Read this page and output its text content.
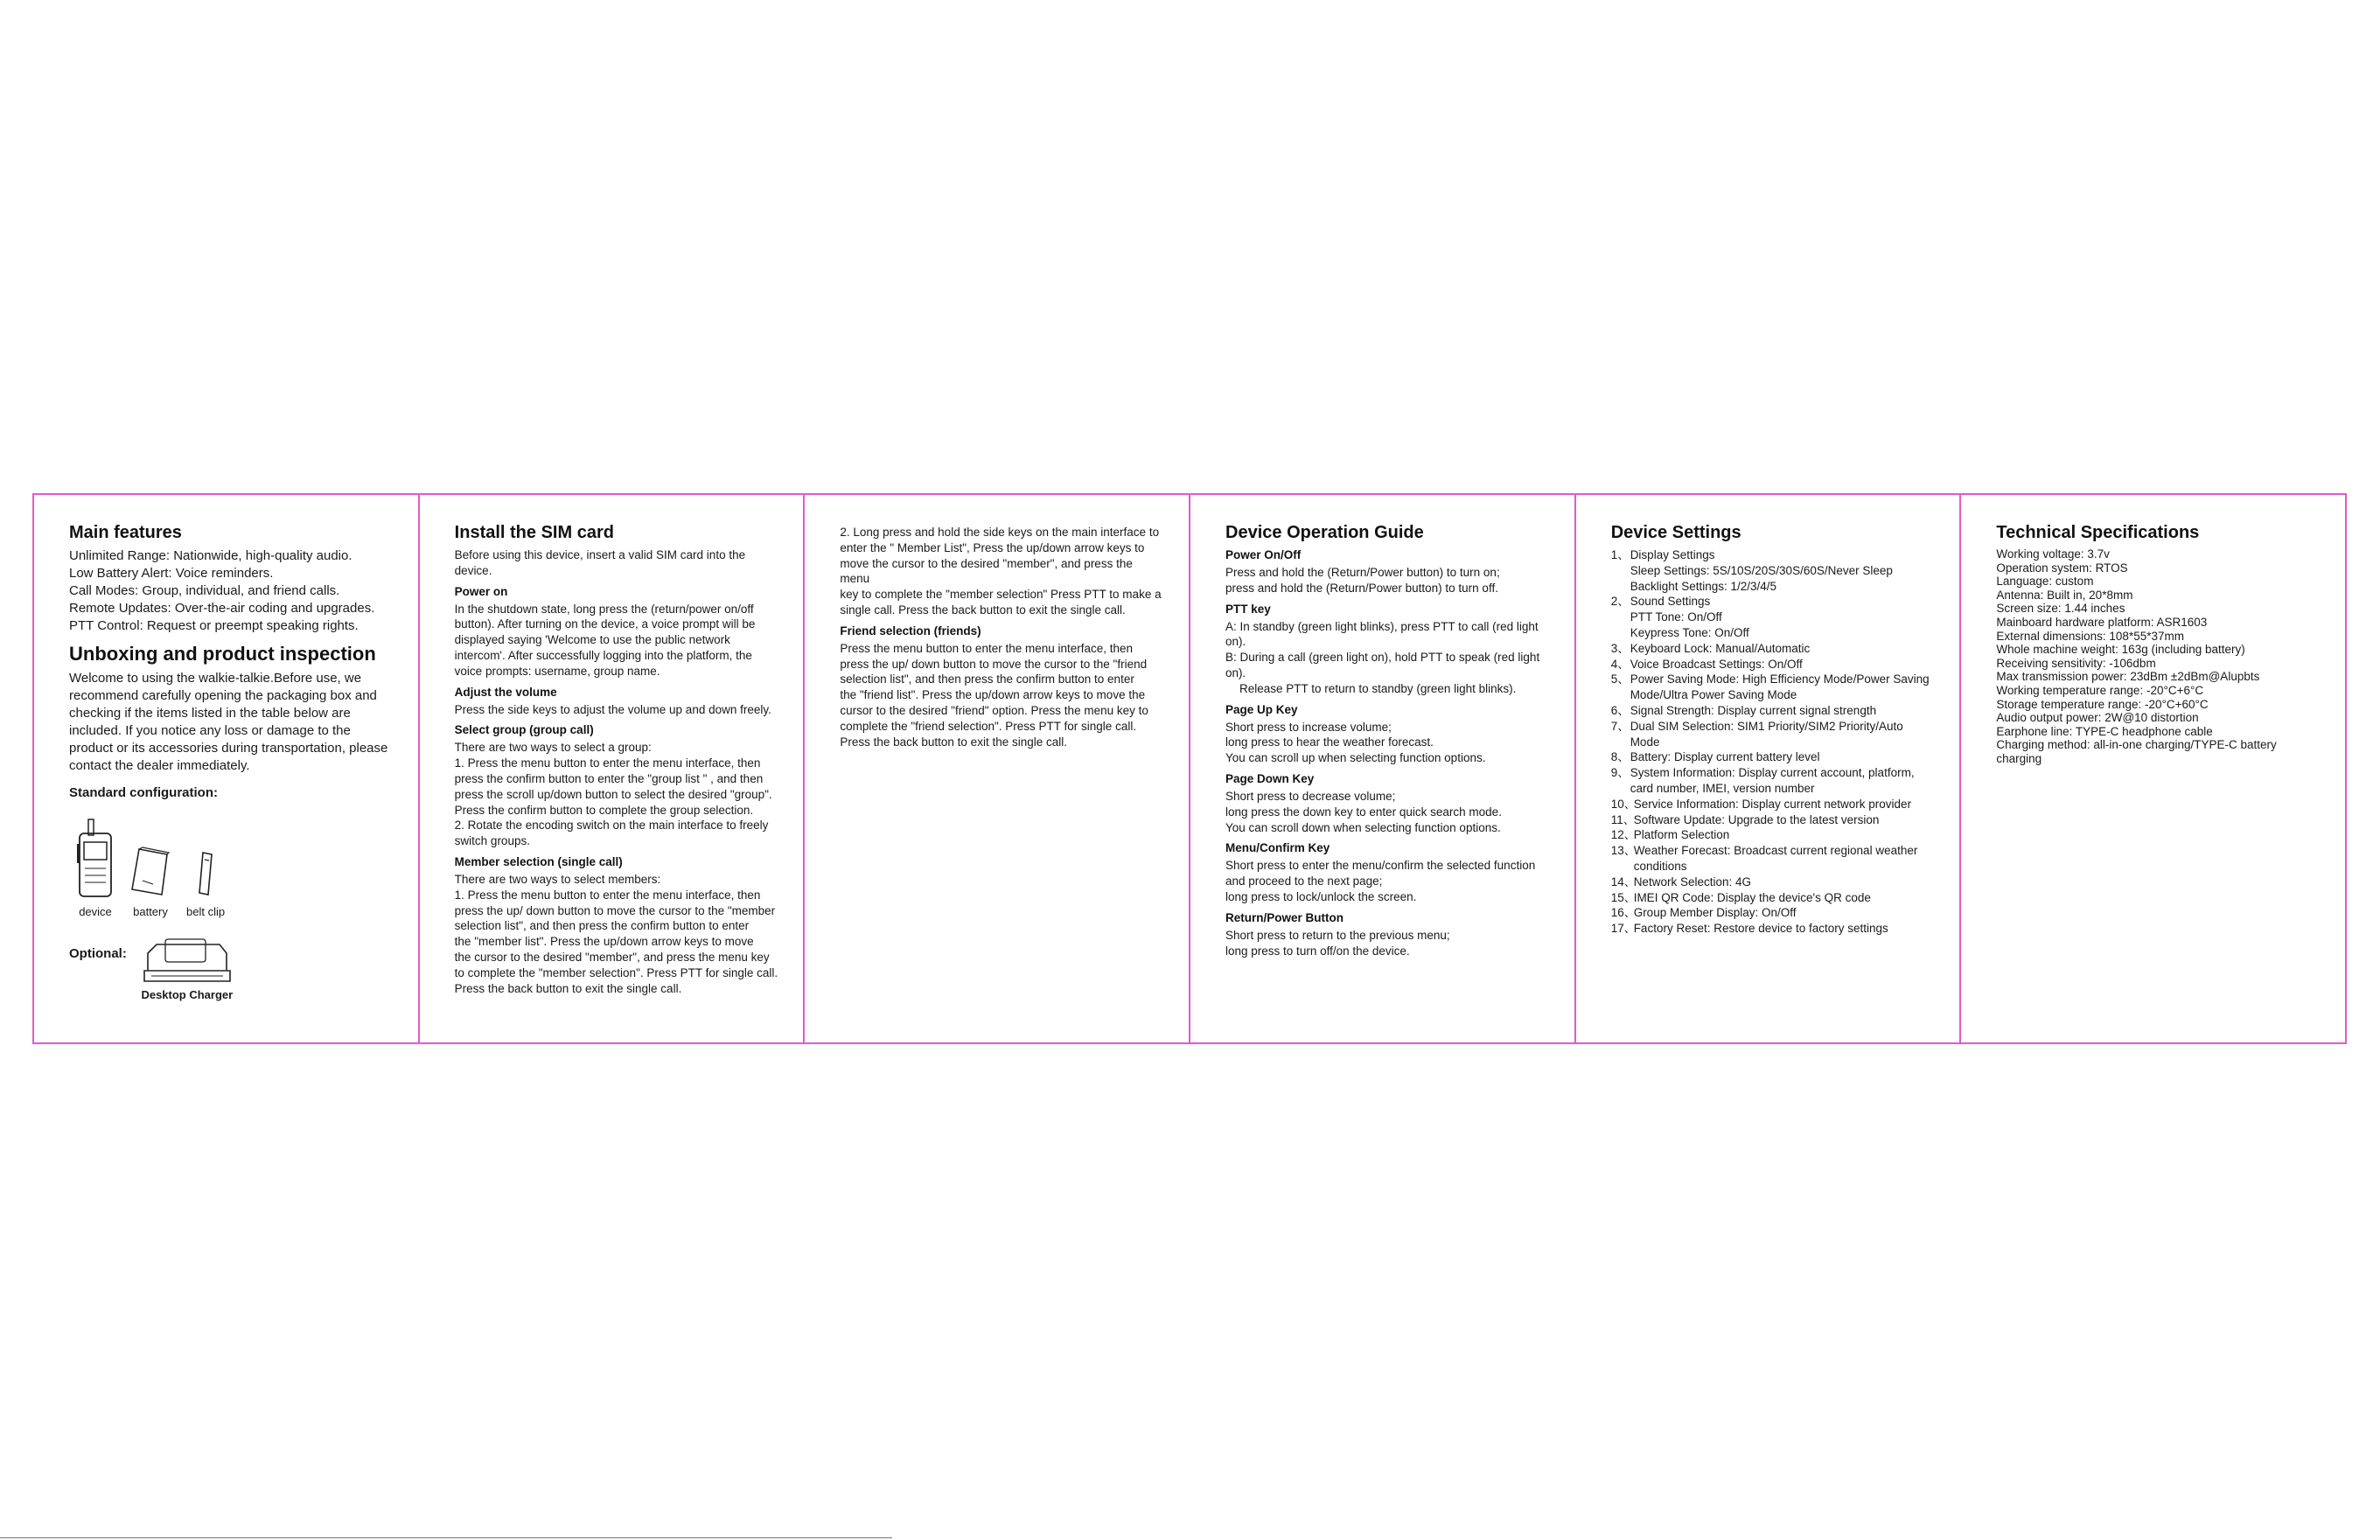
Main features

Unlimited Range: Nationwide, high-quality audio.

Low Battery Alert: Voice reminders.

Call Modes: Group, individual, and friend calls.

Remote Updates: Over-the-air coding and upgrades.

PTT Control: Request or preempt speaking rights.

Unboxing and product inspection

Welcome to using the walkie-talkie.Before use, we

recommend carefully opening the packaging box and

checking if the items listed in the table below are

included. If you notice any loss or damage to the

product or its accessories during transportation, please

contact the dealer immediately.

Standard configuration:
device battery belt clip
Optional:
Desktop Charger
Install the SIM card

Before using this device, insert a valid SIM card into the

device.

Power on

In the shutdown state, long press the (return/power on/off

button). After turning on the device, a voice prompt will be

displayed saying 'Welcome to use the public network

intercom'. After successfully logging into the platform, the

voice prompts: username, group name.

Adjust the volume

Press the side keys to adjust the volume up and down freely.

Select group (group call)

There are two ways to select a group:

1. Press the menu button to enter the menu interface, then

press the confirm button to enter the "group list " , and then

press the scroll up/down button to select the desired "group".

Press the confirm button to complete the group selection.

2. Rotate the encoding switch on the main interface to freely

switch groups.

Member selection (single call)

There are two ways to select members:

1. Press the menu button to enter the menu interface, then

press the up/ down button to move the cursor to the "member

selection list", and then press the confirm button to enter

the "member list". Press the up/down arrow keys to move

the cursor to the desired "member", and press the menu key

to complete the "member selection". Press PTT for single call.

Press the back button to exit the single call.

2. Long press and hold the side keys on the main interface to

enter the " Member List", Press the up/down arrow keys to

move the cursor to the desired "member", and press the menu

key to complete the "member selection" Press PTT to make a

single call. Press the back button to exit the single call.

Friend selection (friends)

Press the menu button to enter the menu interface, then

press the up/ down button to move the cursor to the "friend

selection list", and then press the confirm button to enter

the "friend list". Press the up/down arrow keys to move the

cursor to the desired "friend" option. Press the menu key to

complete the "friend selection". Press PTT for single call.

Press the back button to exit the single call.

Device Operation Guide
Power On/Off

Press and hold the (Return/Power button) to turn on;

press and hold the (Return/Power button) to turn off.

PTT key

A: In standby (green light blinks), press PTT to call (red light on).

B: During a call (green light on), hold PTT to speak (red light on).

Release PTT to return to standby (green light blinks).

Page Up Key

Short press to increase volume;

long press to hear the weather forecast.

You can scroll up when selecting function options.

Page Down Key

Short press to decrease volume;

long press the down key to enter quick search mode.

You can scroll down when selecting function options.

Menu/Confirm Key

Short press to enter the menu/confirm the selected function

and proceed to the next page;

long press to lock/unlock the screen.

Return/Power Button

Short press to return to the previous menu;

long press to turn off/on the device.

Device Settings
1、 Display Settings
Sleep Settings: 5S/10S/20S/30S/60S/Never Sleep
Backlight Settings: 1/2/3/4/5
2、 Sound Settings
PTT Tone: On/Off
Keypress Tone: On/Off
3、 Keyboard Lock: Manual/Automatic
4、 Voice Broadcast Settings: On/Off
5、 Power Saving Mode: High Efficiency Mode/Power Saving
Mode/Ultra Power Saving Mode
6、 Signal Strength: Display current signal strength
7、 Dual SIM Selection: SIM1 Priority/SIM2 Priority/Auto Mode
8、 Battery: Display current battery level
9、 System Information: Display current account, platform,
card number, IMEI, version number
10、
Service Information: Display current network provider
11、
Software Update: Upgrade to the latest version
12、
Platform Selection
13、
Weather Forecast: Broadcast current regional weather
conditions
14、
Network Selection: 4G
15、
IMEI QR Code: Display the device's QR code
16、
Group Member Display: On/Off
17、
Factory Reset: Restore device to factory settings
Technical Specifications

Working voltage: 3.7v

Operation system: RTOS

Language: custom

Antenna: Built in, 20*8mm

Screen size: 1.44 inches

Mainboard hardware platform: ASR1603

External dimensions: 108*55*37mm

Whole machine weight: 163g (including battery)

Receiving sensitivity: -106dbm

Max transmission power: 23dBm ±2dBm@Alupbts

Working temperature range: -20°C+6°C

Storage temperature range: -20°C+60°C

Audio output power: 2W@10 distortion

Earphone line: TYPE-C headphone cable

Charging method: all-in-one charging/TYPE-C battery charging
